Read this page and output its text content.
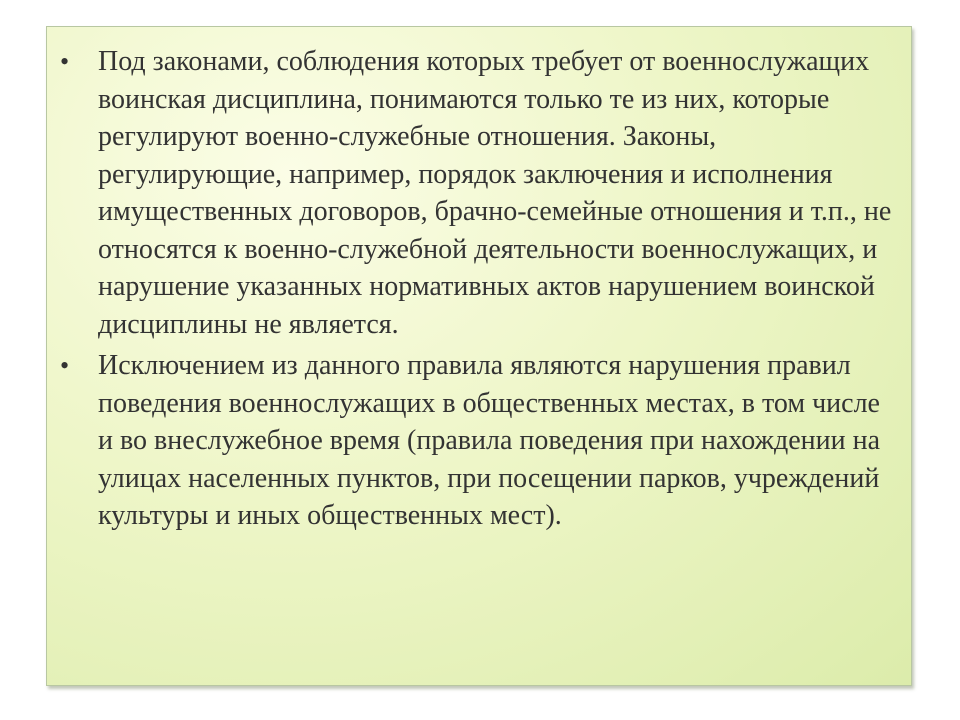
• Под законами, соблюдения которых требует от военнослужащих воинская дисциплина, понимаются только те из них, которые регулируют военно-служебные отношения. Законы, регулирующие, например, порядок заключения и исполнения имущественных договоров, брачно-семейные отношения и т.п., не относятся к военно-служебной деятельности военнослужащих, и нарушение указанных нормативных актов нарушением воинской дисциплины не является.

• Исключением из данного правила являются нарушения правил поведения военнослужащих в общественных местах, в том числе и во внеслужебное время (правила поведения при нахождении на улицах населенных пунктов, при посещении парков, учреждений культуры и иных общественных мест).
